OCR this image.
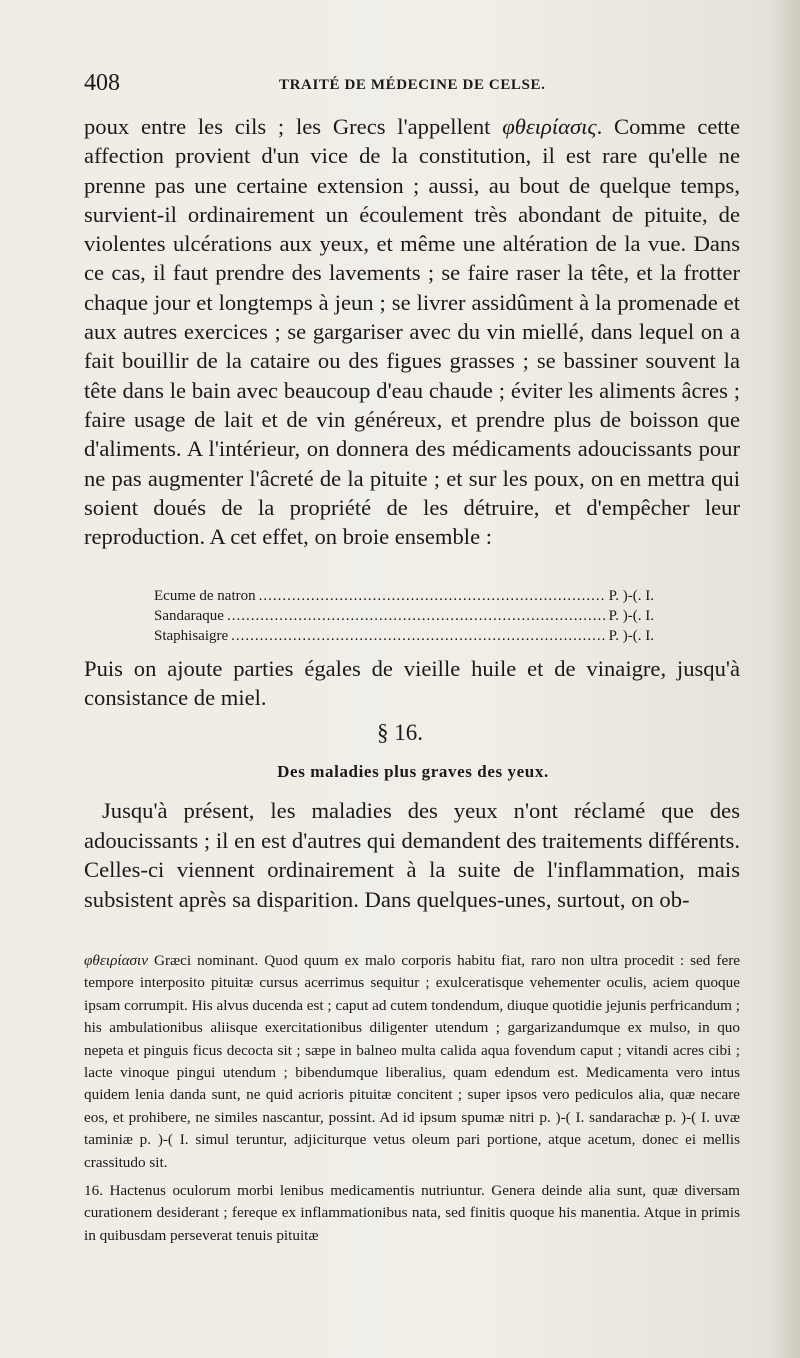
408	TRAITÉ DE MÉDECINE DE CELSE.

poux entre les cils ; les Grecs l'appellent φθειρίασις. Comme cette affection provient d'un vice de la constitution, il est rare qu'elle ne prenne pas une certaine extension ; aussi, au bout de quelque temps, survient-il ordinairement un écoulement très abondant de pituite, de violentes ulcérations aux yeux, et même une altération de la vue. Dans ce cas, il faut prendre des lavements ; se faire raser la tête, et la frotter chaque jour et longtemps à jeun ; se livrer assidûment à la promenade et aux autres exercices ; se gargariser avec du vin miellé, dans lequel on a fait bouillir de la cataire ou des figues grasses ; se bassiner souvent la tête dans le bain avec beaucoup d'eau chaude ; éviter les aliments âcres ; faire usage de lait et de vin généreux, et prendre plus de boisson que d'aliments. A l'intérieur, on donnera des médicaments adoucissants pour ne pas augmenter l'âcreté de la pituite ; et sur les poux, on en mettra qui soient doués de la propriété de les détruire, et d'empêcher leur reproduction. A cet effet, on broie ensemble :

Ecume de natron .....	P. )-(. I.
Sandaraque .....	P. )-(. I.
Staphisaigre .....	P. )-(. I.
Puis on ajoute parties égales de vieille huile et de vinaigre, jusqu'à consistance de miel.
§ 16.
Des maladies plus graves des yeux.
Jusqu'à présent, les maladies des yeux n'ont réclamé que des adoucissants ; il en est d'autres qui demandent des traitements différents. Celles-ci viennent ordinairement à la suite de l'inflammation, mais subsistent après sa disparition. Dans quelques-unes, surtout, on ob-

φθειρίασιν Græci nominant. Quod quum ex malo corporis habitu fiat, raro non ultra procedit : sed fere tempore interposito pituitæ cursus acerrimus sequitur ; exulceratisque vehementer oculis, aciem quoque ipsam corrumpit. His alvus ducenda est ; caput ad cutem tondendum, diuque quotidie jejunis perfricandum ; his ambulationibus aliisque exercitationibus diligenter utendum ; gargarizandumque ex mulso, in quo nepeta et pinguis ficus decocta sit ; sæpe in balneo multa calida aqua fovendum caput ; vitandi acres cibi ; lacte vinoque pingui utendum ; bibendumque liberalius, quam edendum est. Medicamenta vero intus quidem lenia danda sunt, ne quid acrioris pituitæ concitent ; super ipsos vero pediculos alia, quæ necare eos, et prohibere, ne similes nascantur, possint. Ad id ipsum spumæ nitri p. )-( I. sandarachæ p. )-( I. uvæ taminiæ p. )-( I. simul teruntur, adjiciturque vetus oleum pari portione, atque acetum, donec ei mellis crassitudo sit.

16. Hactenus oculorum morbi lenibus medicamentis nutriuntur. Genera deinde alia sunt, quæ diversam curationem desiderant ; fereque ex inflammationibus nata, sed finitis quoque his manentia. Atque in primis in quibusdam perseverat tenuis pituitæ
